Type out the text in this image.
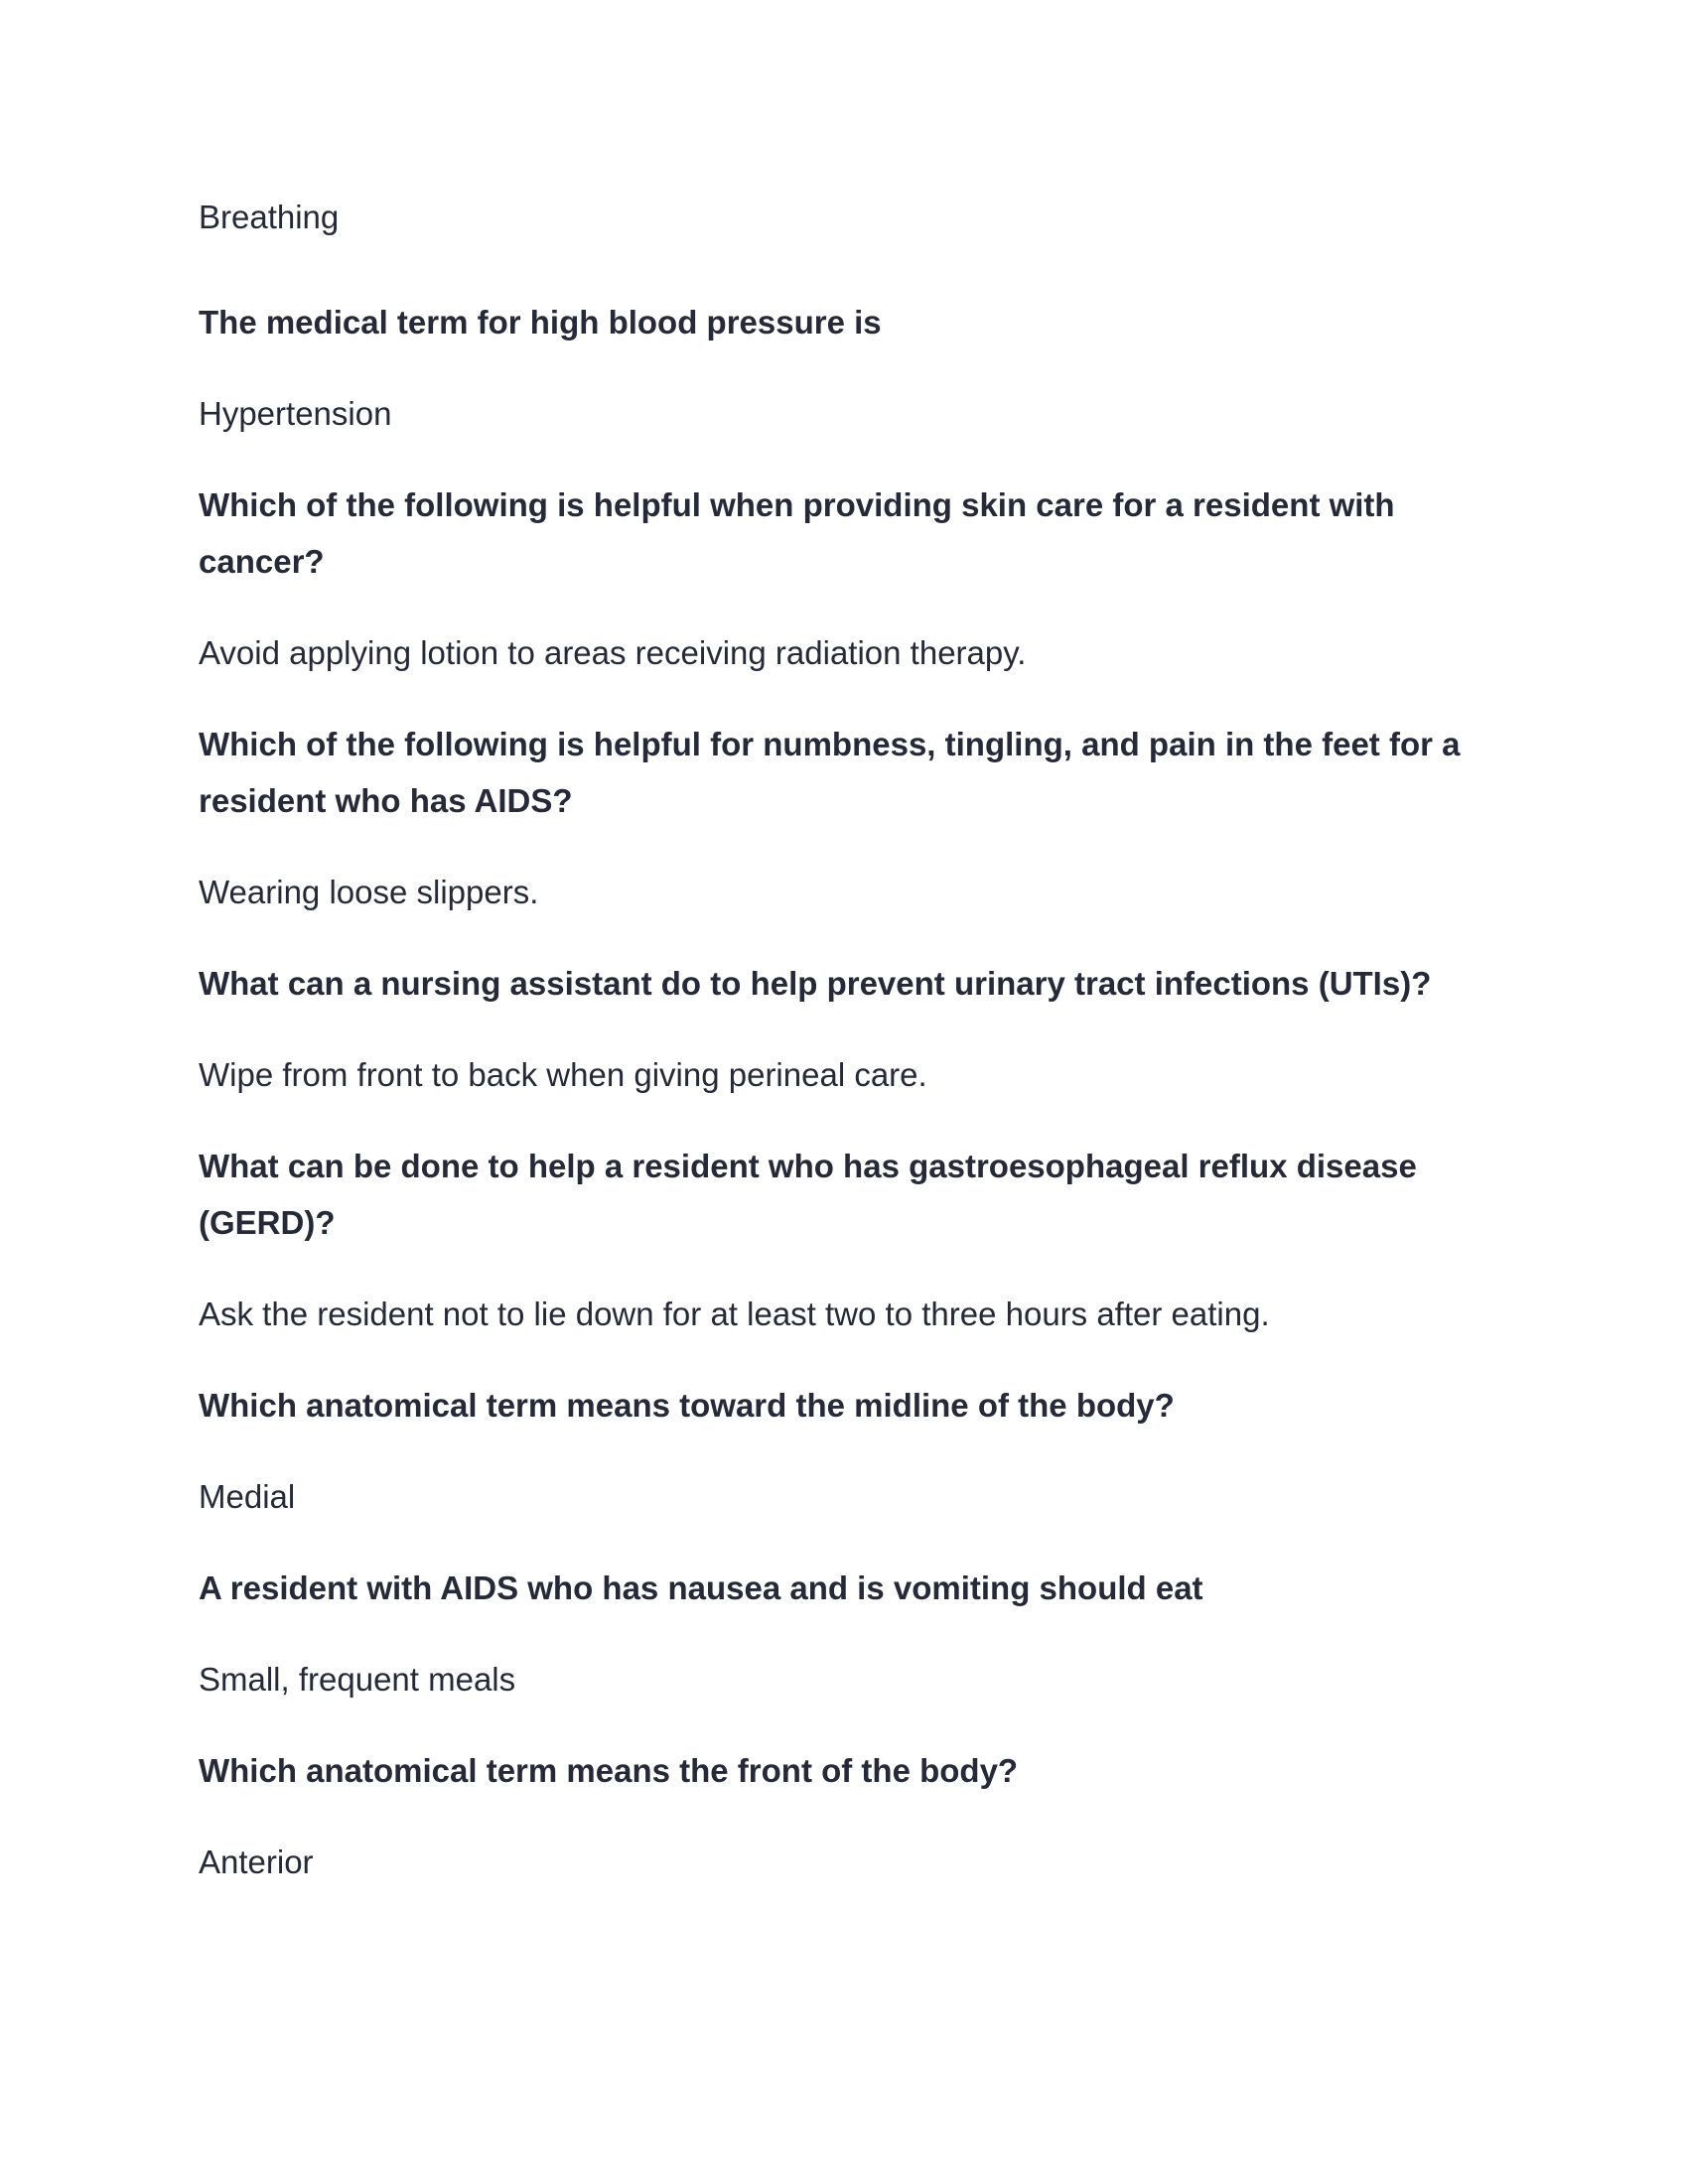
Breathing

The medical term for high blood pressure is

Hypertension

Which of the following is helpful when providing skin care for a resident with cancer?

Avoid applying lotion to areas receiving radiation therapy.

Which of the following is helpful for numbness, tingling, and pain in the feet for a resident who has AIDS?

Wearing loose slippers.

What can a nursing assistant do to help prevent urinary tract infections (UTIs)?

Wipe from front to back when giving perineal care.

What can be done to help a resident who has gastroesophageal reflux disease (GERD)?

Ask the resident not to lie down for at least two to three hours after eating.

Which anatomical term means toward the midline of the body?

Medial

A resident with AIDS who has nausea and is vomiting should eat

Small, frequent meals

Which anatomical term means the front of the body?

Anterior
